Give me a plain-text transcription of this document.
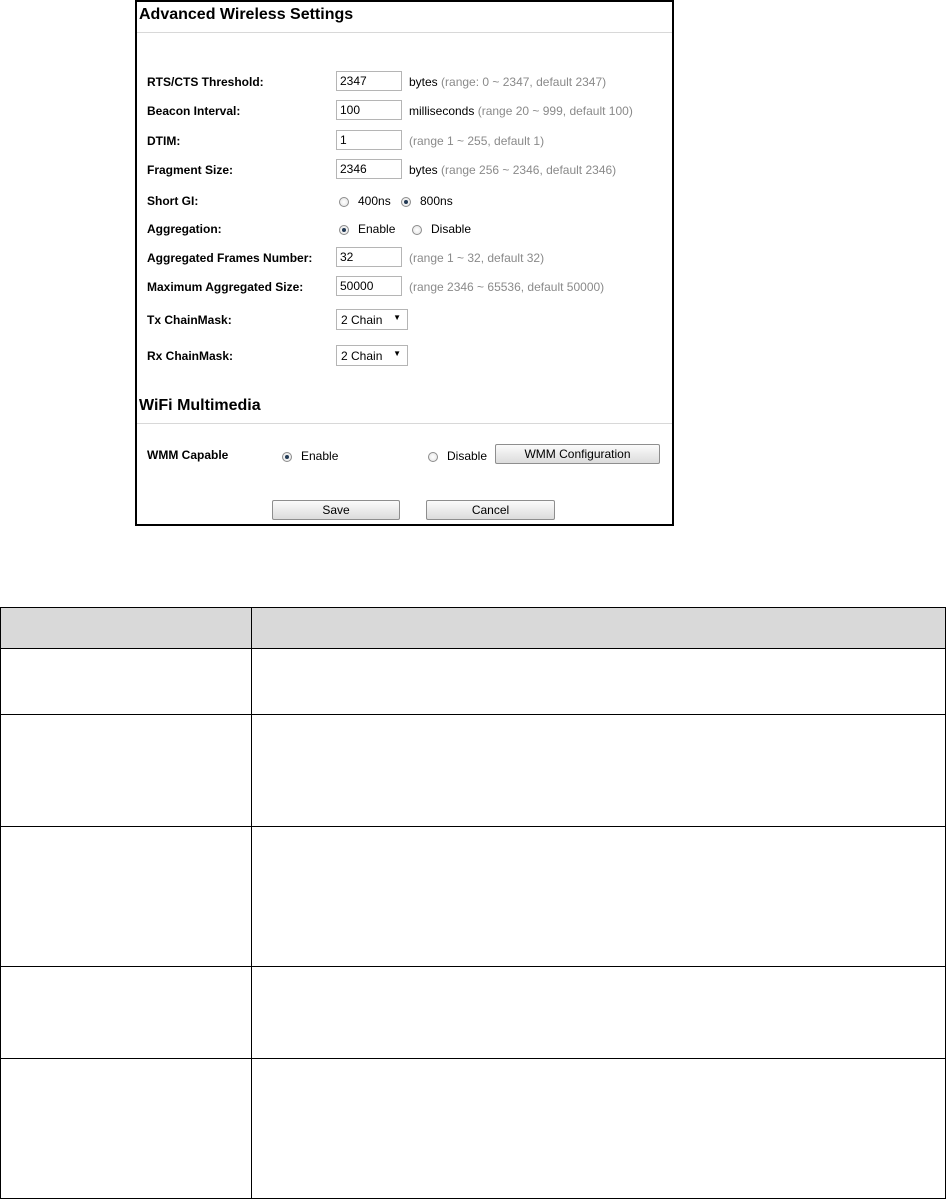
Advanced Wireless Settings
RTS/CTS Threshold:
2347	bytes (range: 0 ~ 2347, default 2347)
Beacon Interval:
100	milliseconds (range 20 ~ 999, default 100)
DTIM:
1	(range 1 ~ 255, default 1)
Fragment Size:
2346	bytes (range 256 ~ 2346, default 2346)
Short GI:	400ns	800ns
Aggregation:	Enable	Disable
Aggregated Frames Number:
32	(range 1 ~ 32, default 32)
Maximum Aggregated Size:
50000	(range 2346 ~ 65536, default 50000)
Tx ChainMask:	2 Chain ▼
Rx ChainMask:	2 Chain ▼
WiFi Multimedia
WMM Capable	Enable	Disable	WMM Configuration
Save	Cancel
